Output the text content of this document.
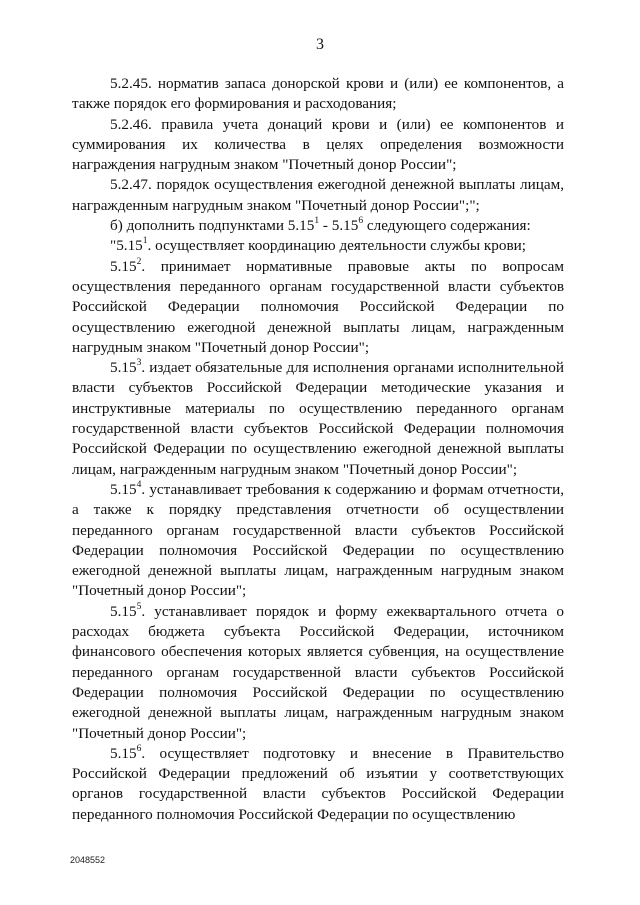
3

5.2.45. норматив запаса донорской крови и (или) ее компонентов, а также порядок его формирования и расходования;

5.2.46. правила учета донаций крови и (или) ее компонентов и суммирования их количества в целях определения возможности награждения нагрудным знаком "Почетный донор России";

5.2.47. порядок осуществления ежегодной денежной выплаты лицам, награжденным нагрудным знаком "Почетный донор России";";

б) дополнить подпунктами 5.15$^1$ - 5.15$^6$ следующего содержания:

"5.15$^1$. осуществляет координацию деятельности службы крови;

5.15$^2$. принимает нормативные правовые акты по вопросам осуществления переданного органам государственной власти субъектов Российской Федерации полномочия Российской Федерации по осуществлению ежегодной денежной выплаты лицам, награжденным нагрудным знаком "Почетный донор России";

5.15$^3$. издает обязательные для исполнения органами исполнительной власти субъектов Российской Федерации методические указания и инструктивные материалы по осуществлению переданного органам государственной власти субъектов Российской Федерации полномочия Российской Федерации по осуществлению ежегодной денежной выплаты лицам, награжденным нагрудным знаком "Почетный донор России";

5.15$^4$. устанавливает требования к содержанию и формам отчетности, а также к порядку представления отчетности об осуществлении переданного органам государственной власти субъектов Российской Федерации полномочия Российской Федерации по осуществлению ежегодной денежной выплаты лицам, награжденным нагрудным знаком "Почетный донор России";

5.15$^5$. устанавливает порядок и форму ежеквартального отчета о расходах бюджета субъекта Российской Федерации, источником финансового обеспечения которых является субвенция, на осуществление переданного органам государственной власти субъектов Российской Федерации полномочия Российской Федерации по осуществлению ежегодной денежной выплаты лицам, награжденным нагрудным знаком "Почетный донор России";

5.15$^6$. осуществляет подготовку и внесение в Правительство Российской Федерации предложений об изъятии у соответствующих органов государственной власти субъектов Российской Федерации переданного полномочия Российской Федерации по осуществлению

2048552
